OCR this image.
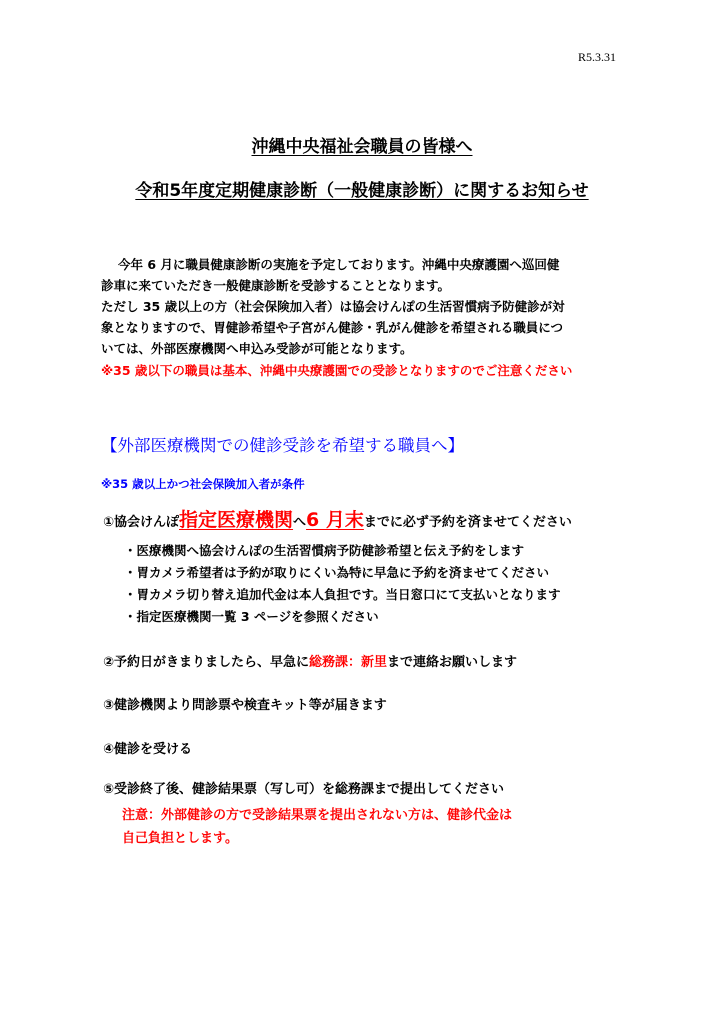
R5.3.31
沖縄中央福祉会職員の皆様へ
令和5年度定期健康診断（一般健康診断）に関するお知らせ
今年 6 月に職員健康診断の実施を予定しております。沖縄中央療護園へ巡回健
診車に来ていただき一般健康診断を受診することとなります。
ただし 35 歳以上の方（社会保険加入者）は協会けんぽの生活習慣病予防健診が対
象となりますので、胃健診希望や子宮がん健診・乳がん健診を希望される職員につ
いては、外部医療機関へ申込み受診が可能となります。
※35 歳以下の職員は基本、沖縄中央療護園での受診となりますのでご注意ください
【外部医療機関での健診受診を希望する職員へ】
※35 歳以上かつ社会保険加入者が条件
①協会けんぽ指定医療機関へ6 月末までに必ず予約を済ませてください
・医療機関へ協会けんぽの生活習慣病予防健診希望と伝え予約をします
・胃カメラ希望者は予約が取りにくい為特に早急に予約を済ませてください
・胃カメラ切り替え追加代金は本人負担です。当日窓口にて支払いとなります
・指定医療機関一覧 3 ページを参照ください
②予約日がきまりましたら、早急に総務課：新里まで連絡お願いします
③健診機関より問診票や検査キット等が届きます
④健診を受ける
⑤受診終了後、健診結果票（写し可）を総務課まで提出してください
注意：外部健診の方で受診結果票を提出されない方は、健診代金は
自己負担とします。
